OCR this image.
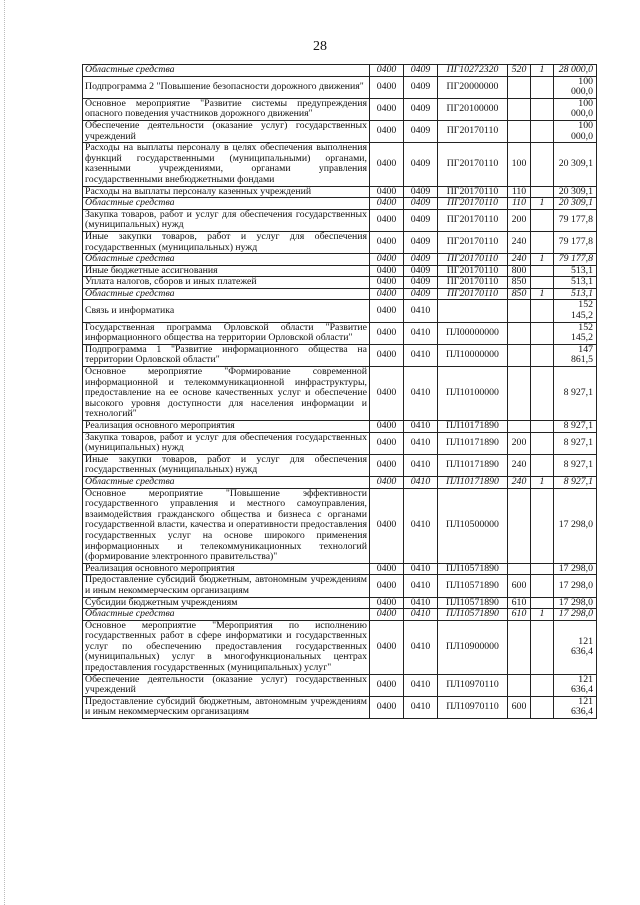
28
Областные средства	0400	0409	ПГ10272320	520	1	28 000,0
Подпрограмма 2 "Повышение безопасности дорожного движения"	0400	0409	ПГ20000000			100 000,0
Основное мероприятие "Развитие системы предупреждения опасного поведения участников дорожного движения"	0400	0409	ПГ20100000			100 000,0
Обеспечение деятельности (оказание услуг) государственных учреждений	0400	0409	ПГ20170110			100 000,0
Расходы на выплаты персоналу в целях обеспечения выполнения функций государственными (муниципальными) органами, казенными учреждениями, органами управления государственными внебюджетными фондами	0400	0409	ПГ20170110	100		20 309,1
Расходы на выплаты персоналу казенных учреждений	0400	0409	ПГ20170110	110		20 309,1
Областные средства	0400	0409	ПГ20170110	110	1	20 309,1
Закупка товаров, работ и услуг для обеспечения государственных (муниципальных) нужд	0400	0409	ПГ20170110	200		79 177,8
Иные закупки товаров, работ и услуг для обеспечения государственных (муниципальных) нужд	0400	0409	ПГ20170110	240		79 177,8
Областные средства	0400	0409	ПГ20170110	240	1	79 177,8
Иные бюджетные ассигнования	0400	0409	ПГ20170110	800		513,1
Уплата налогов, сборов и иных платежей	0400	0409	ПГ20170110	850		513,1
Областные средства	0400	0409	ПГ20170110	850	1	513,1
Связь и информатика	0400	0410				152 145,2
Государственная программа Орловской области "Развитие информационного общества на территории Орловской области"	0400	0410	ПЛ00000000			152 145,2
Подпрограмма 1 "Развитие информационного общества на территории Орловской области"	0400	0410	ПЛ10000000			147 861,5
Основное мероприятие "Формирование современной информационной и телекоммуникационной инфраструктуры, предоставление на ее основе качественных услуг и обеспечение высокого уровня доступности для населения информации и технологий"	0400	0410	ПЛ10100000			8 927,1
Реализация основного мероприятия	0400	0410	ПЛ10171890			8 927,1
Закупка товаров, работ и услуг для обеспечения государственных (муниципальных) нужд	0400	0410	ПЛ10171890	200		8 927,1
Иные закупки товаров, работ и услуг для обеспечения государственных (муниципальных) нужд	0400	0410	ПЛ10171890	240		8 927,1
Областные средства	0400	0410	ПЛ10171890	240	1	8 927,1
Основное мероприятие "Повышение эффективности государственного управления и местного самоуправления, взаимодействия гражданского общества и бизнеса с органами государственной власти, качества и оперативности предоставления государственных услуг на основе широкого применения информационных и телекоммуникационных технологий (формирование электронного правительства)"	0400	0410	ПЛ10500000			17 298,0
Реализация основного мероприятия	0400	0410	ПЛ10571890			17 298,0
Предоставление субсидий бюджетным, автономным учреждениям и иным некоммерческим организациям	0400	0410	ПЛ10571890	600		17 298,0
Субсидии бюджетным учреждениям	0400	0410	ПЛ10571890	610		17 298,0
Областные средства	0400	0410	ПЛ10571890	610	1	17 298,0
Основное мероприятие "Мероприятия по исполнению государственных работ в сфере информатики и государственных услуг по обеспечению предоставления государственных (муниципальных) услуг в многофункциональных центрах предоставления государственных (муниципальных) услуг"	0400	0410	ПЛ10900000			121 636,4
Обеспечение деятельности (оказание услуг) государственных учреждений	0400	0410	ПЛ10970110			121 636,4
Предоставление субсидий бюджетным, автономным учреждениям и иным некоммерческим организациям	0400	0410	ПЛ10970110	600		121 636,4
